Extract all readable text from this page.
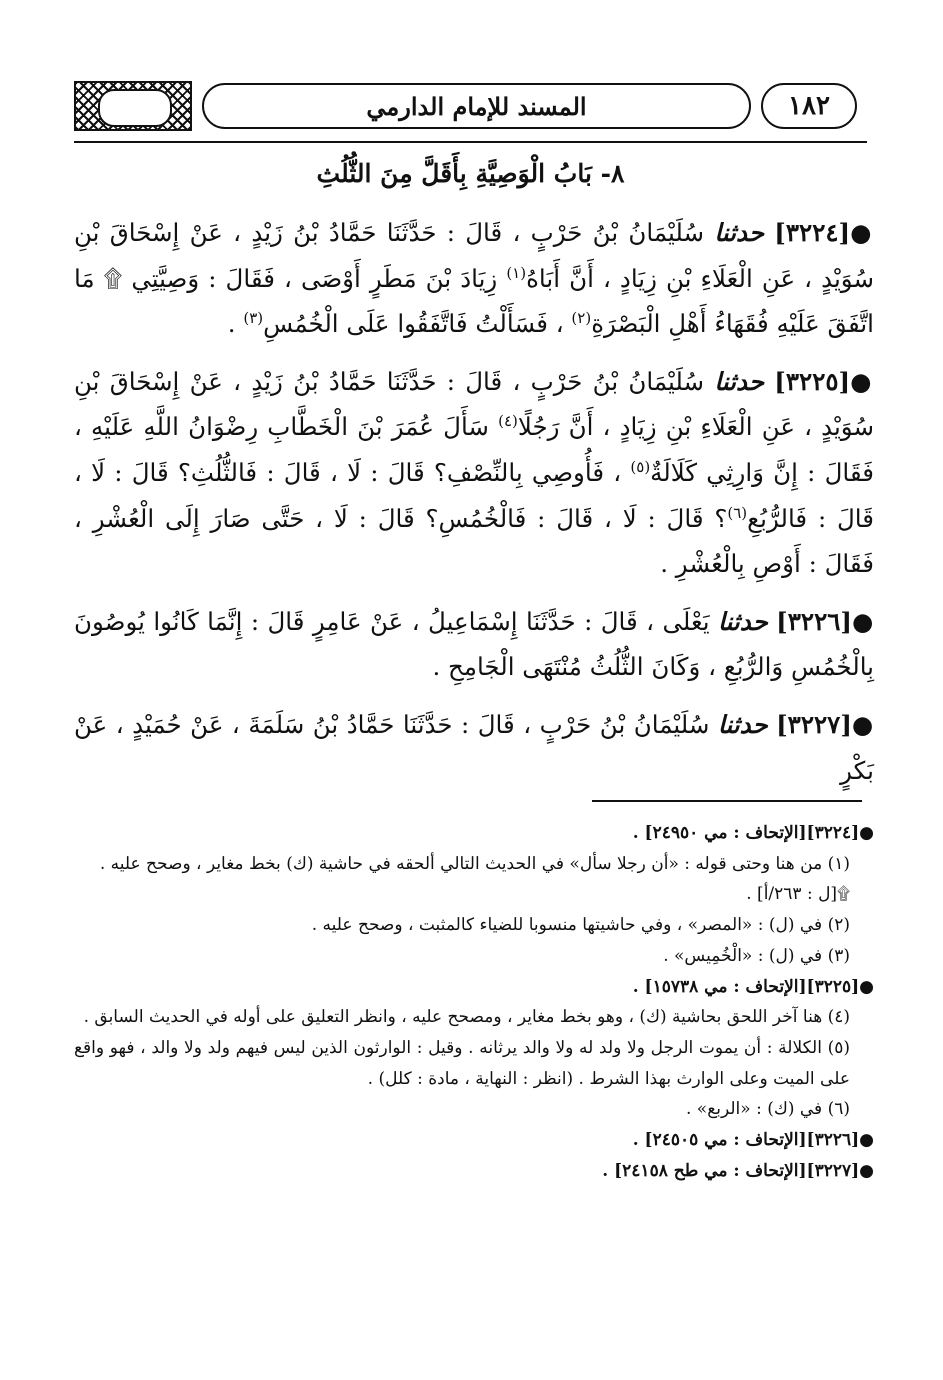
المسند للإمام الدارمي	١٨٢
٨- بَابُ الْوَصِيَّةِ بِأَقَلَّ مِنَ الثُّلُثِ

●[٣٢٢٤] حدثنا سُلَيْمَانُ بْنُ حَرْبٍ ، قَالَ : حَدَّثَنَا حَمَّادُ بْنُ زَيْدٍ ، عَنْ إِسْحَاقَ بْنِ سُوَيْدٍ ، عَنِ الْعَلَاءِ بْنِ زِيَادٍ ، أَنَّ أَبَاهُ$^{(١)}$ زِيَادَ بْنَ مَطَرٍ أَوْصَى ، فَقَالَ : وَصِيَّتِي ۩ مَا اتَّفَقَ عَلَيْهِ فُقَهَاءُ أَهْلِ الْبَصْرَةِ$^{(٢)}$ ، فَسَأَلْتُ فَاتَّفَقُوا عَلَى الْخُمُسِ$^{(٣)}$ .

●[٣٢٢٥] حدثنا سُلَيْمَانُ بْنُ حَرْبٍ ، قَالَ : حَدَّثَنَا حَمَّادُ بْنُ زَيْدٍ ، عَنْ إِسْحَاقَ بْنِ سُوَيْدٍ ، عَنِ الْعَلَاءِ بْنِ زِيَادٍ ، أَنَّ رَجُلًا$^{(٤)}$ سَأَلَ عُمَرَ بْنَ الْخَطَّابِ رِضْوَانُ اللَّهِ عَلَيْهِ ، فَقَالَ : إِنَّ وَارِثِي كَلَالَةٌ$^{(٥)}$ ، فَأُوصِي بِالنِّصْفِ؟ قَالَ : لَا ، قَالَ : فَالثُّلُثِ؟ قَالَ : لَا ، قَالَ : فَالرُّبُعِ$^{(٦)}$؟ قَالَ : لَا ، قَالَ : فَالْخُمُسِ؟ قَالَ : لَا ، حَتَّى صَارَ إِلَى الْعُشْرِ ، فَقَالَ : أَوْصِ بِالْعُشْرِ .

●[٣٢٢٦] حدثنا يَعْلَى ، قَالَ : حَدَّثَنَا إِسْمَاعِيلُ ، عَنْ عَامِرٍ قَالَ : إِنَّمَا كَانُوا يُوصُونَ بِالْخُمُسِ وَالرُّبُعِ ، وَكَانَ الثُّلُثُ مُنْتَهَى الْجَامِحِ .

●[٣٢٢٧] حدثنا سُلَيْمَانُ بْنُ حَرْبٍ ، قَالَ : حَدَّثَنَا حَمَّادُ بْنُ سَلَمَةَ ، عَنْ حُمَيْدٍ ، عَنْ بَكْرٍ

●[٣٢٢٤][الإتحاف : مي ٢٤٩٥٠] .

(١) من هنا وحتى قوله : «أن رجلا سأل» في الحديث التالي ألحقه في حاشية (ك) بخط مغاير ، وصحح عليه .

۩[ل : ٢٦٣/أ] .

(٢) في (ل) : «المصر» ، وفي حاشيتها منسوبا للضياء كالمثبت ، وصحح عليه .

(٣) في (ل) : «الْخُمِيس» .

●[٣٢٢٥][الإتحاف : مي ١٥٧٣٨] .

(٤) هنا آخر اللحق بحاشية (ك) ، وهو بخط مغاير ، ومصحح عليه ، وانظر التعليق على أوله في الحديث السابق .

(٥) الكلالة : أن يموت الرجل ولا ولد له ولا والد يرثانه . وقيل : الوارثون الذين ليس فيهم ولد ولا والد ، فهو واقع على الميت وعلى الوارث بهذا الشرط . (انظر : النهاية ، مادة : كلل) .

(٦) في (ك) : «الربع» .

●[٣٢٢٦][الإتحاف : مي ٢٤٥٠٥] .

●[٣٢٢٧][الإتحاف : مي طح ٢٤١٥٨] .
